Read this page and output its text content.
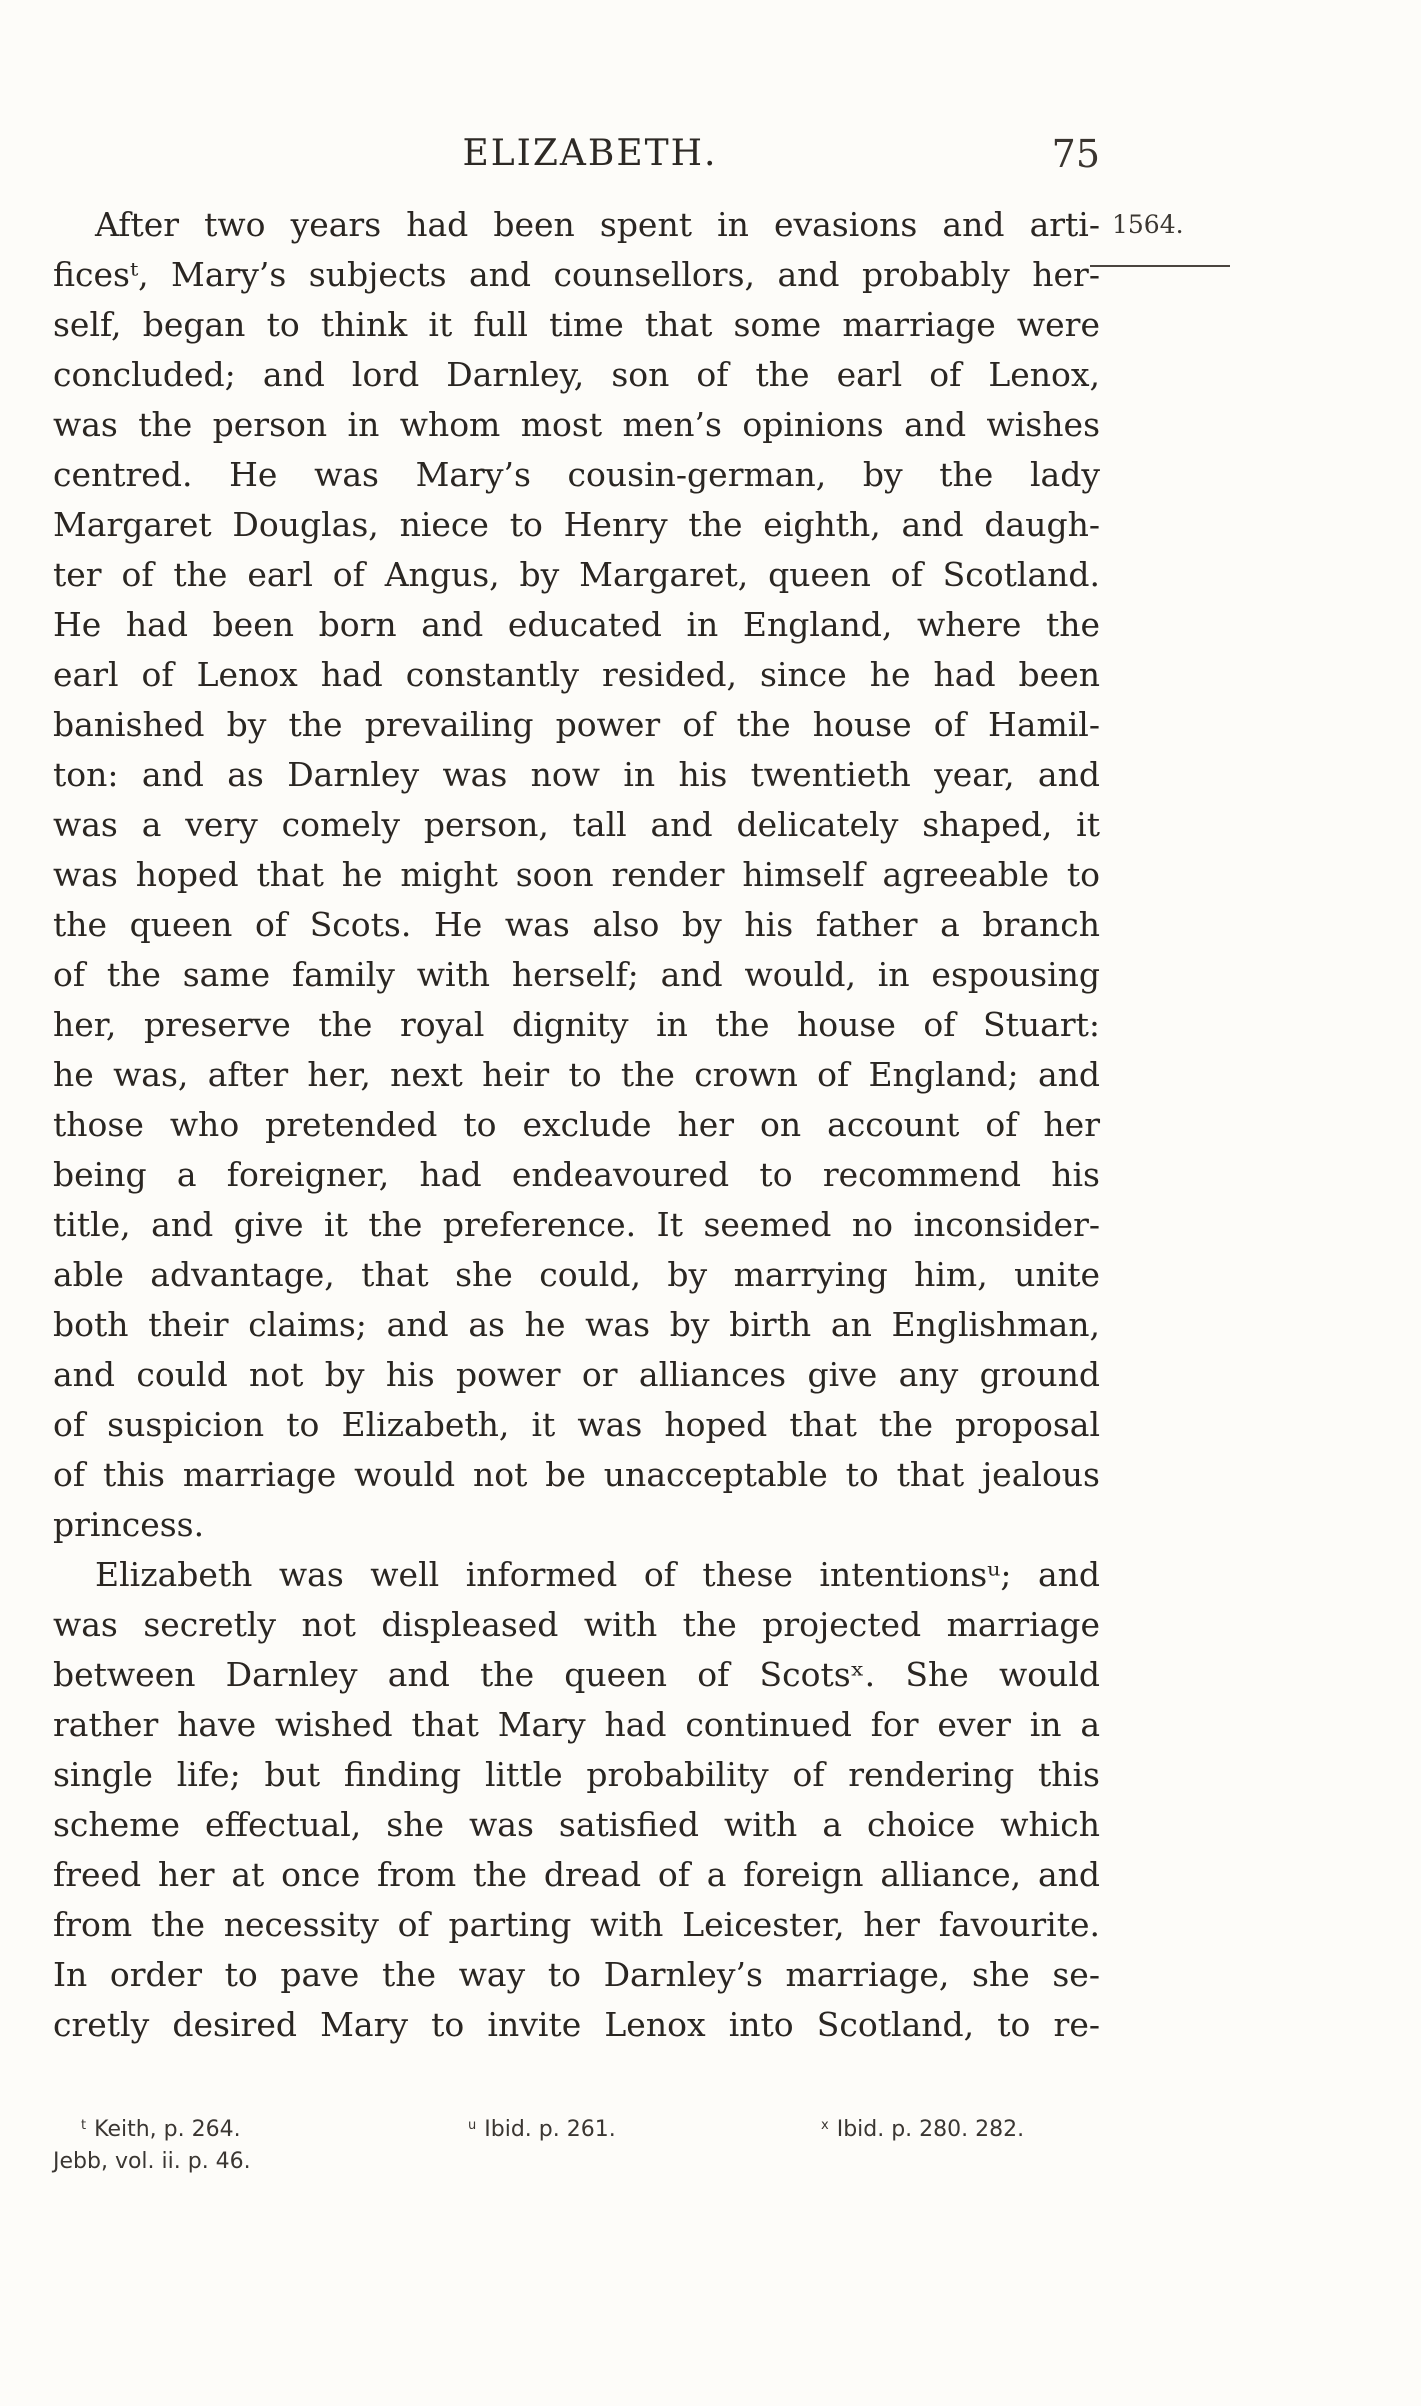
ELIZABETH.	75
1564.
After two years had been spent in evasions and arti-
ficesᵗ, Mary’s subjects and counsellors, and probably her-
self, began to think it full time that some marriage were
concluded; and lord Darnley, son of the earl of Lenox,
was the person in whom most men’s opinions and wishes
centred. He was Mary’s cousin-german, by the lady
Margaret Douglas, niece to Henry the eighth, and daugh-
ter of the earl of Angus, by Margaret, queen of Scotland.
He had been born and educated in England, where the
earl of Lenox had constantly resided, since he had been
banished by the prevailing power of the house of Hamil-
ton: and as Darnley was now in his twentieth year, and
was a very comely person, tall and delicately shaped, it
was hoped that he might soon render himself agreeable to
the queen of Scots. He was also by his father a branch
of the same family with herself; and would, in espousing
her, preserve the royal dignity in the house of Stuart:
he was, after her, next heir to the crown of England; and
those who pretended to exclude her on account of her
being a foreigner, had endeavoured to recommend his
title, and give it the preference. It seemed no inconsider-
able advantage, that she could, by marrying him, unite
both their claims; and as he was by birth an Englishman,
and could not by his power or alliances give any ground
of suspicion to Elizabeth, it was hoped that the proposal
of this marriage would not be unacceptable to that jealous
princess.
Elizabeth was well informed of these intentionsᵘ; and
was secretly not displeased with the projected marriage
between Darnley and the queen of Scotsˣ. She would
rather have wished that Mary had continued for ever in a
single life; but finding little probability of rendering this
scheme effectual, she was satisfied with a choice which
freed her at once from the dread of a foreign alliance, and
from the necessity of parting with Leicester, her favourite.
In order to pave the way to Darnley’s marriage, she se-
cretly desired Mary to invite Lenox into Scotland, to re-
$^t$ Keith, p. 264.	$^u$ Ibid. p. 261.	$^x$ Ibid. p. 280. 282.
Jebb, vol. ii. p. 46.
